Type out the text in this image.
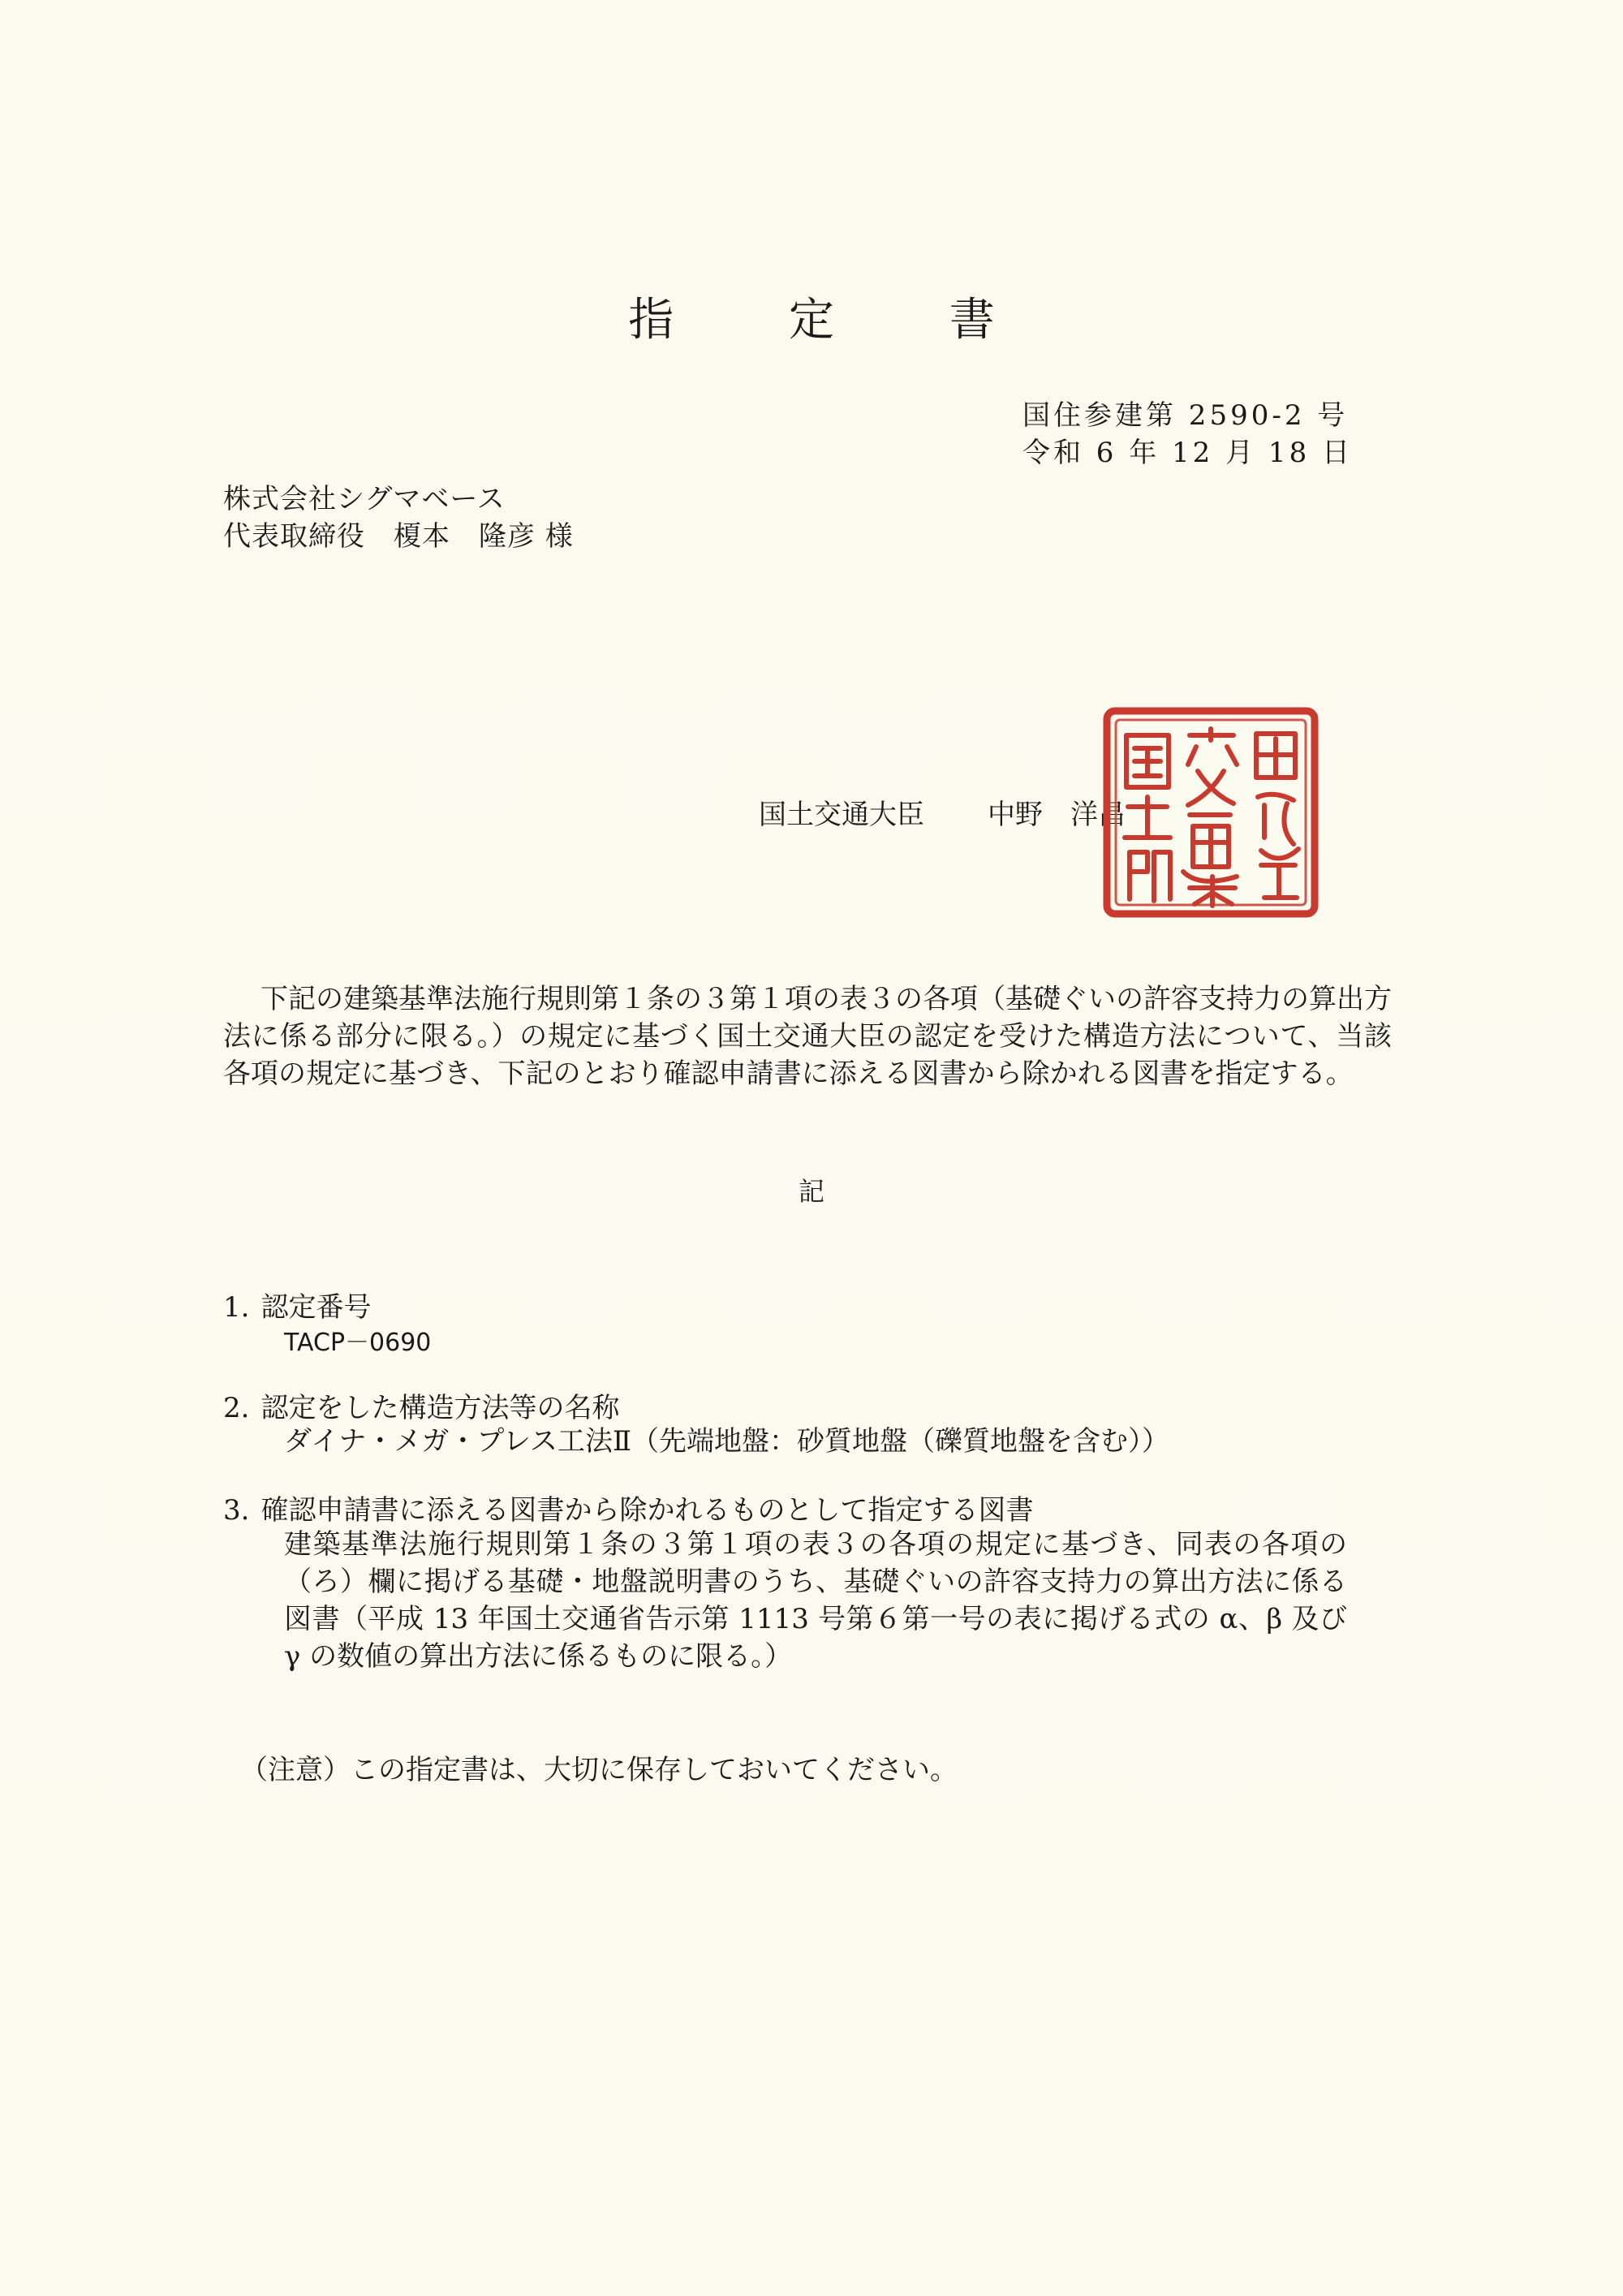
指 定 書
国住参建第 2590-2 号
令和 6 年 12 月 18 日
株式会社シグマベース
代表取締役　榎本　隆彦 様
国土交通大臣 中野　洋昌
下記の建築基準法施行規則第１条の３第１項の表３の各項（基礎ぐいの許容支持力の算出方法に係る部分に限る。）の規定に基づく国土交通大臣の認定を受けた構造方法について、当該各項の規定に基づき、下記のとおり確認申請書に添える図書から除かれる図書を指定する。
記
1. 認定番号
TACP－0690
2. 認定をした構造方法等の名称
ダイナ・メガ・プレス工法Ⅱ（先端地盤：砂質地盤（礫質地盤を含む））
3. 確認申請書に添える図書から除かれるものとして指定する図書
建築基準法施行規則第１条の３第１項の表３の各項の規定に基づき、同表の各項の（ろ）欄に掲げる基礎・地盤説明書のうち、基礎ぐいの許容支持力の算出方法に係る図書（平成 13 年国土交通省告示第 1113 号第６第一号の表に掲げる式の α、β 及び γ の数値の算出方法に係るものに限る。）
（注意）この指定書は、大切に保存しておいてください。
